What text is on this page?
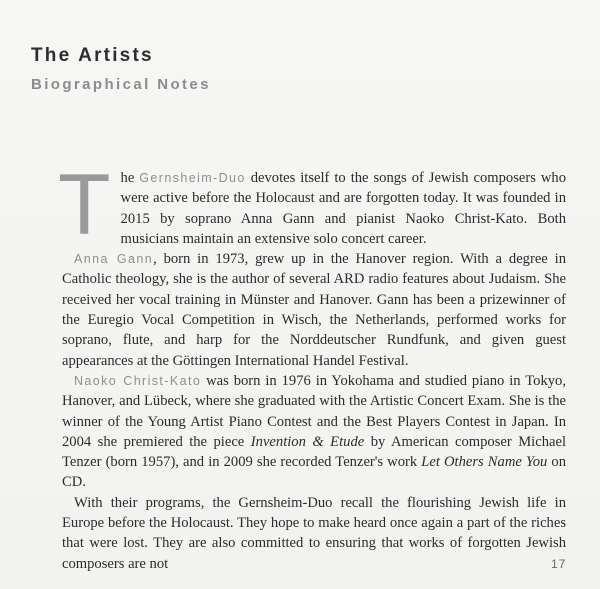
The Artists
Biographical Notes

The Gernsheim-Duo devotes itself to the songs of Jewish composers who were active before the Holocaust and are forgotten today. It was founded in 2015 by soprano Anna Gann and pianist Naoko Christ-Kato. Both musicians maintain an extensive solo concert career.

Anna Gann, born in 1973, grew up in the Hanover region. With a degree in Catholic theology, she is the author of several ARD radio features about Judaism. She received her vocal training in Münster and Hanover. Gann has been a prizewinner of the Euregio Vocal Competition in Wisch, the Netherlands, performed works for soprano, flute, and harp for the Norddeutscher Rundfunk, and given guest appearances at the Göttingen International Handel Festival.

Naoko Christ-Kato was born in 1976 in Yokohama and studied piano in Tokyo, Hanover, and Lübeck, where she graduated with the Artistic Concert Exam. She is the winner of the Young Artist Piano Contest and the Best Players Contest in Japan. In 2004 she premiered the piece Invention & Etude by American composer Michael Tenzer (born 1957), and in 2009 she recorded Tenzer's work Let Others Name You on CD.

With their programs, the Gernsheim-Duo recall the flourishing Jewish life in Europe before the Holocaust. They hope to make heard once again a part of the riches that were lost. They are also committed to ensuring that works of forgotten Jewish composers are not	17
